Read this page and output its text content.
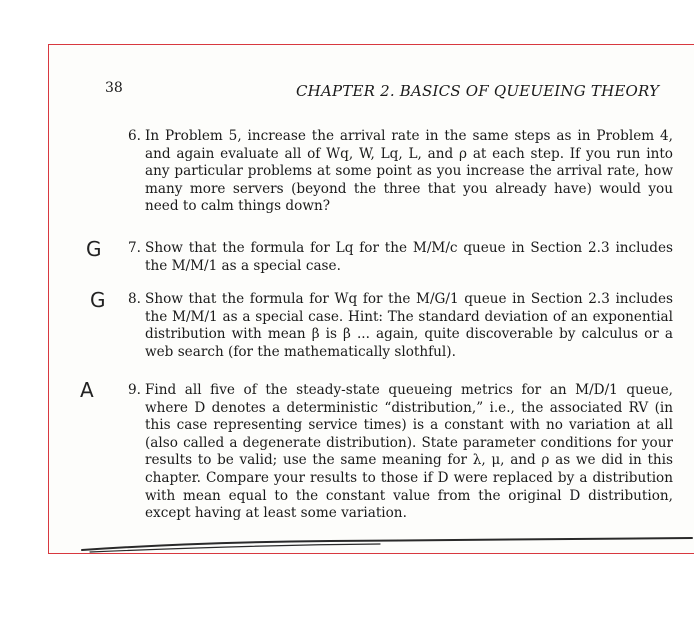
38	CHAPTER 2. BASICS OF QUEUEING THEORY
6. In Problem 5, increase the arrival rate in the same steps as in Problem 4, and again evaluate all of Wq, W, Lq, L, and ρ at each step. If you run into any particular problems at some point as you increase the arrival rate, how many more servers (beyond the three that you already have) would you need to calm things down?
7. Show that the formula for Lq for the M/M/c queue in Section 2.3 includes the M/M/1 as a special case.
8. Show that the formula for Wq for the M/G/1 queue in Section 2.3 includes the M/M/1 as a special case. Hint: The standard deviation of an exponential distribution with mean β is β ... again, quite discoverable by calculus or a web search (for the mathematically slothful).
9. Find all five of the steady-state queueing metrics for an M/D/1 queue, where D denotes a deterministic “distribution,” i.e., the associated RV (in this case representing service times) is a constant with no variation at all (also called a degenerate distribution). State parameter conditions for your results to be valid; use the same meaning for λ, μ, and ρ as we did in this chapter. Compare your results to those if D were replaced by a distribution with mean equal to the constant value from the original D distribution, except having at least some variation.
G
G
A
